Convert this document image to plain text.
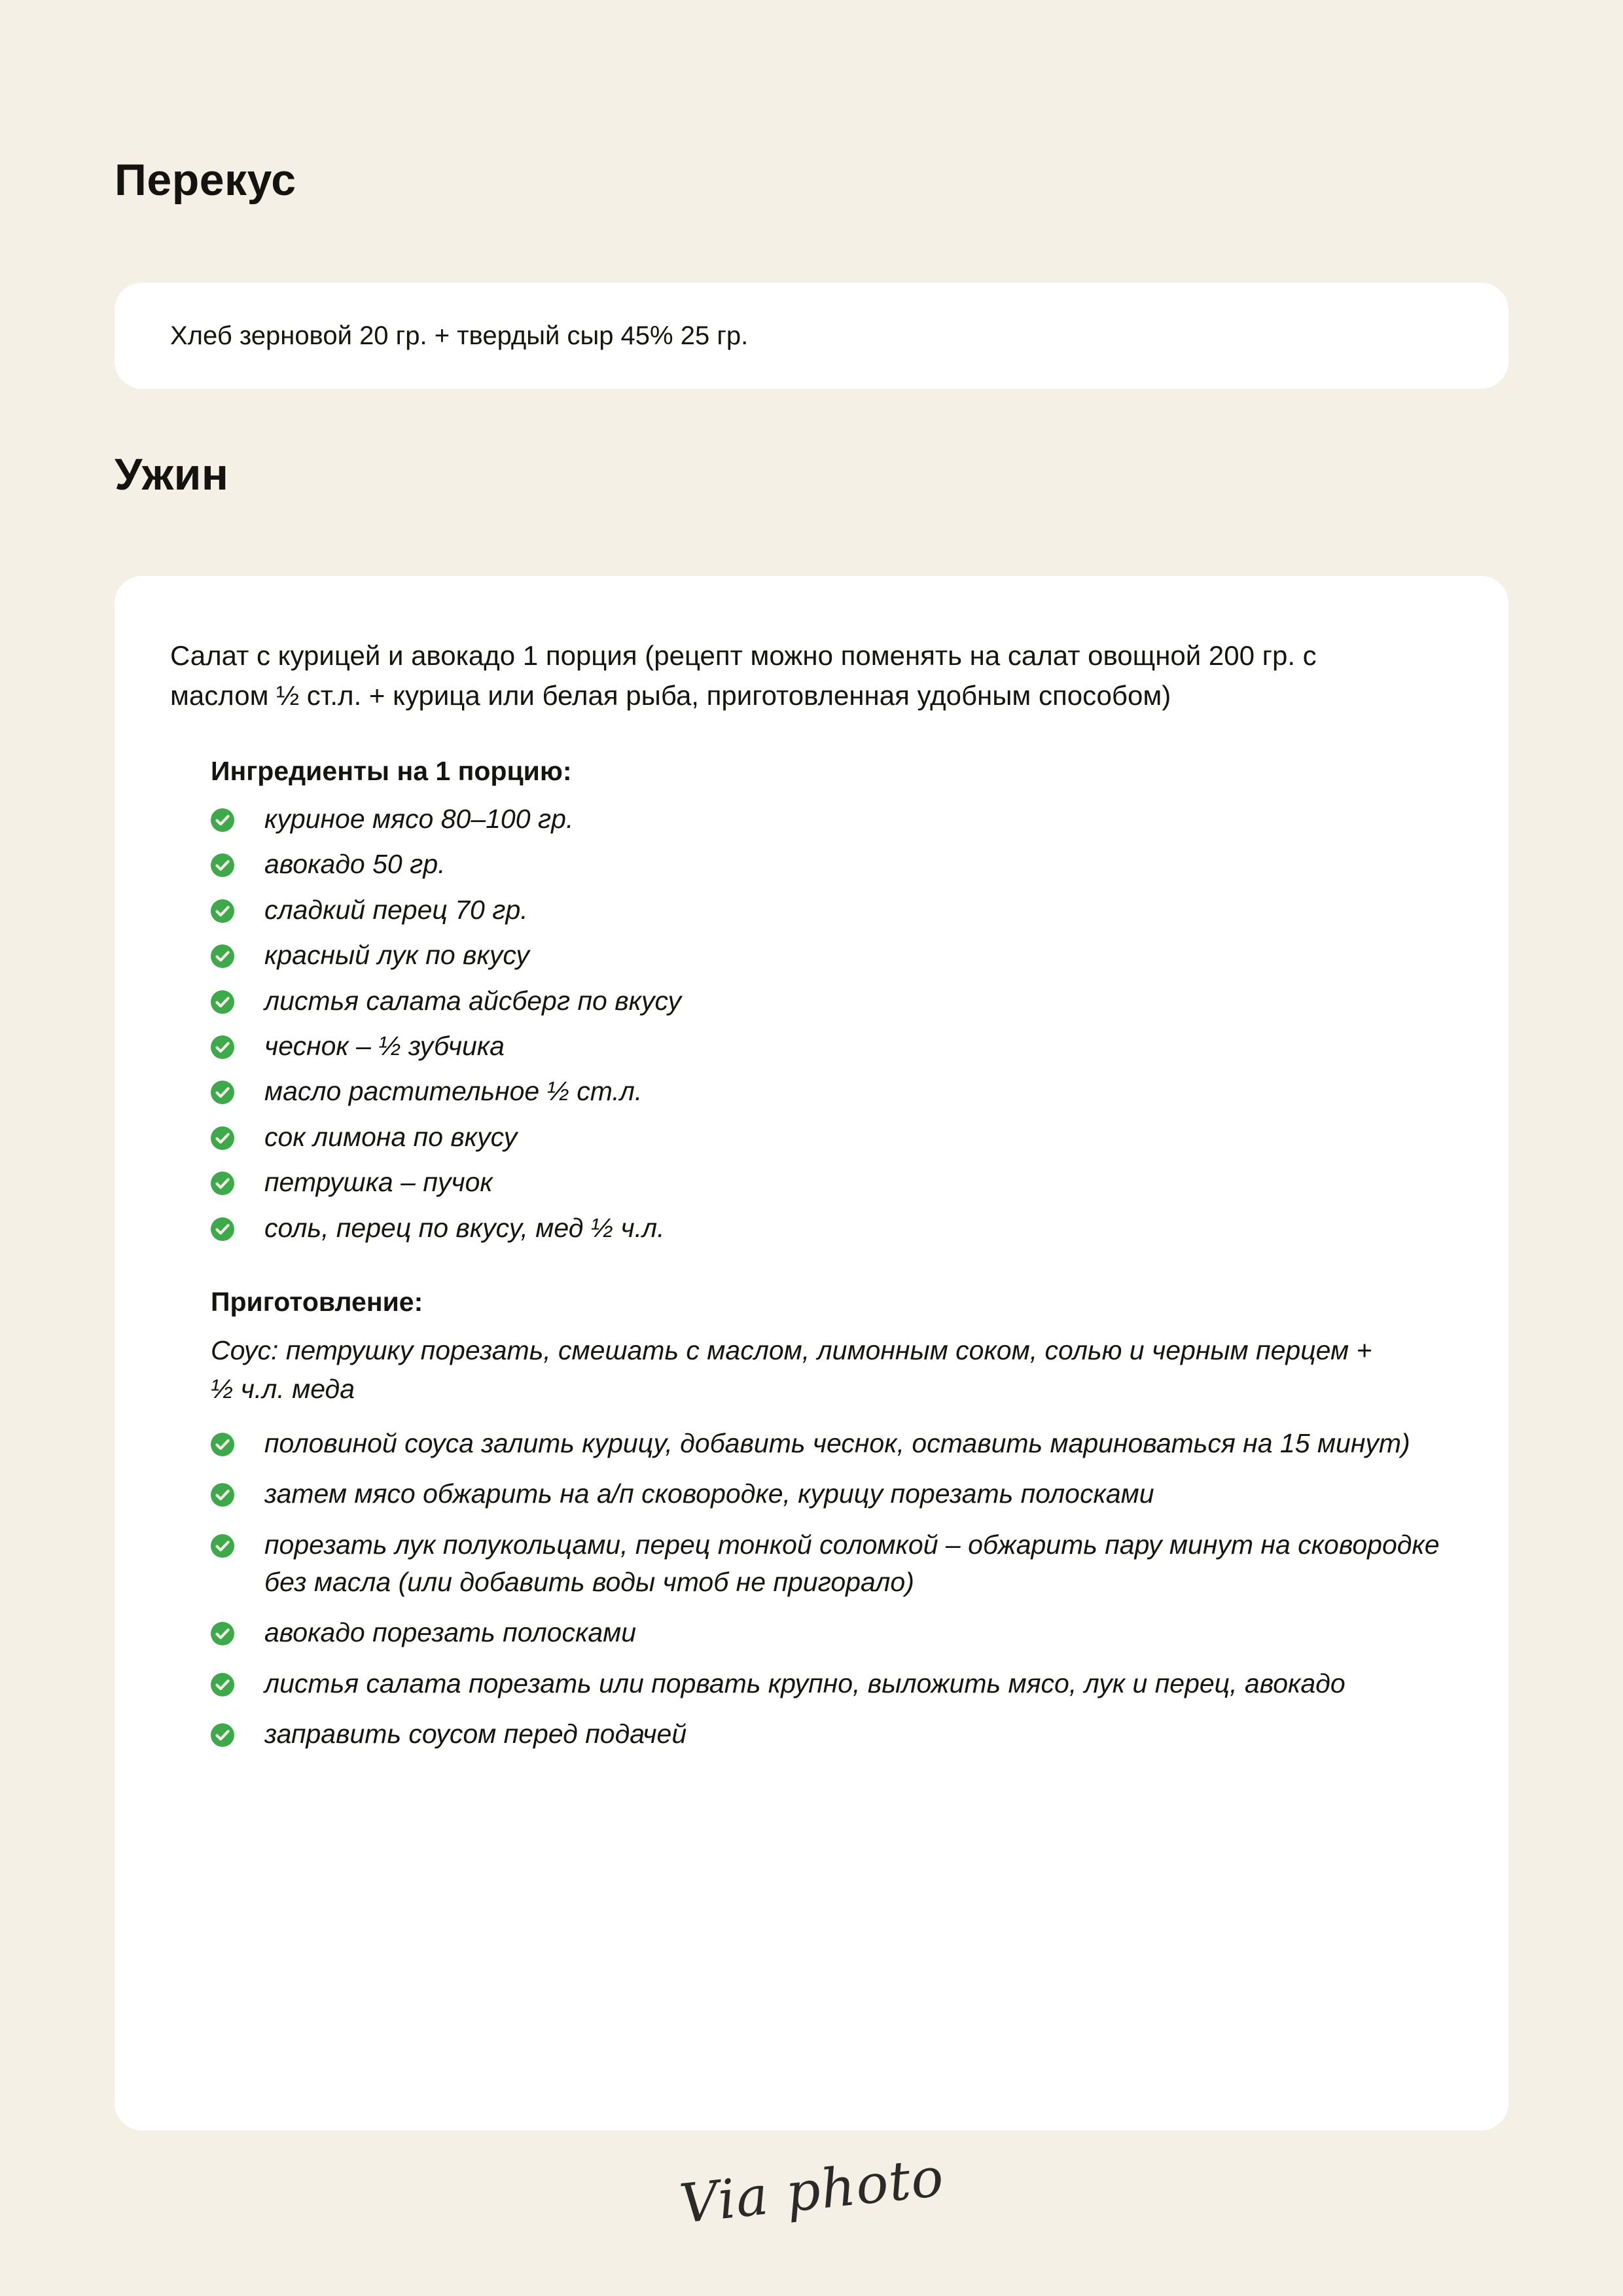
Перекус
Хлеб зерновой 20 гр. + твердый сыр 45% 25 гр.
Ужин

Салат с курицей и авокадо 1 порция (рецепт можно поменять на салат овощной 200 гр. с маслом ½ ст.л. + курица или белая рыба, приготовленная удобным способом)

Ингредиенты на 1 порцию:
куриное мясо 80–100 гр.
авокадо 50 гр.
сладкий перец 70 гр.
красный лук по вкусу
листья салата айсберг по вкусу
чеснок – ½ зубчика
масло растительное ½ ст.л.
сок лимона по вкусу
петрушка – пучок
соль, перец по вкусу, мед ½ ч.л.
Приготовление:

Соус: петрушку порезать, смешать с маслом, лимонным соком, солью и черным перцем + ½ ч.л. меда

половиной соуса залить курицу, добавить чеснок, оставить мариноваться на 15 минут)
затем мясо обжарить на а/п сковородке, курицу порезать полосками
порезать лук полукольцами, перец тонкой соломкой – обжарить пару минут на сковородке без масла (или добавить воды чтоб не пригорало)
авокадо порезать полосками
листья салата порезать или порвать крупно, выложить мясо, лук и перец, авокадо
заправить соусом перед подачей
Via photo
